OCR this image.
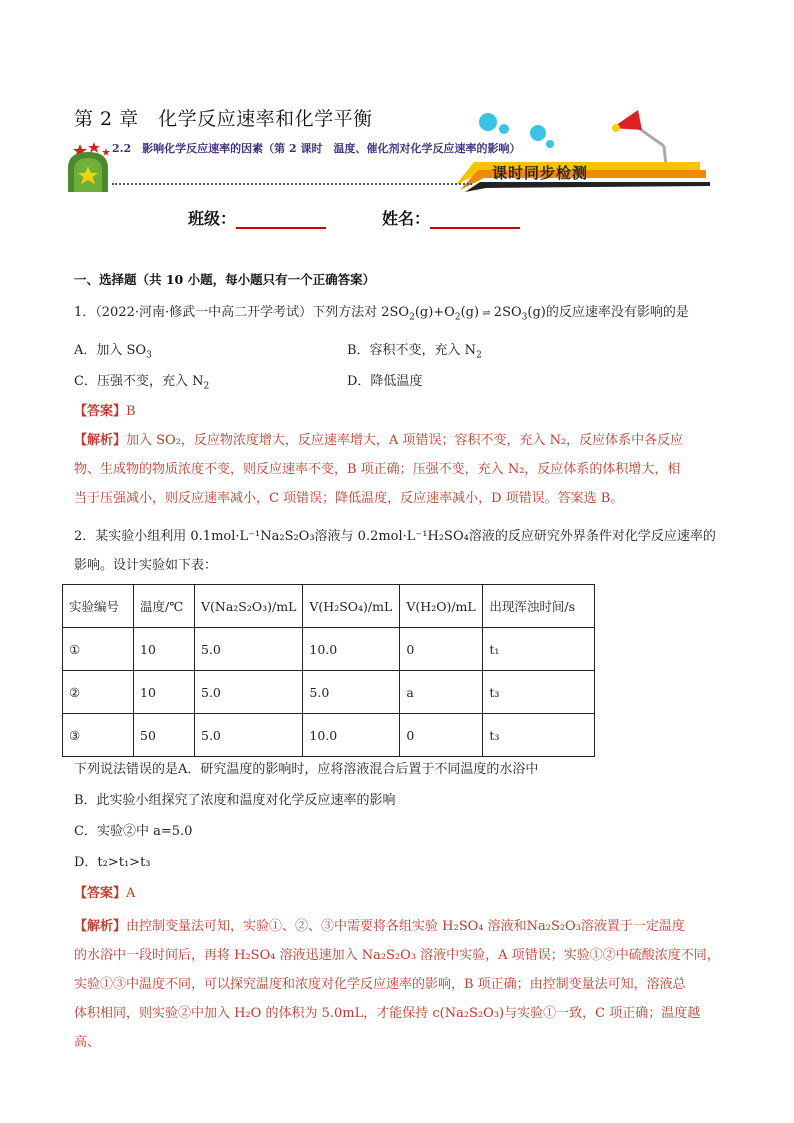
第 2 章　化学反应速率和化学平衡
2.2　影响化学反应速率的因素（第 2 课时　温度、催化剂对化学反应速率的影响）
课时同步检测
班级：	姓名：
一、选择题（共 10 小题，每小题只有一个正确答案）
1．（2022·河南·修武一中高二开学考试）下列方法对 $2SO_2(g)+O_2(g)$ ⇌ $2SO_3(g)$的反应速率没有影响的是
A．加入 $SO_3$	B．容积不变，充入 $N_2$
C．压强不变，充入 $N_2$	D．降低温度
【答案】B
【解析】加入 SO₂，反应物浓度增大，反应速率增大，A 项错误；容积不变，充入 N₂，反应体系中各反应
物、生成物的物质浓度不变，则反应速率不变，B 项正确；压强不变，充入 N₂，反应体系的体积增大，相
当于压强减小，则反应速率减小，C 项错误；降低温度，反应速率减小，D 项错误。答案选 B。
2．某实验小组利用 0.1mol·L⁻¹Na₂S₂O₃溶液与 0.2mol·L⁻¹H₂SO₄溶液的反应研究外界条件对化学反应速率的
影响。设计实验如下表：
实验编号	温度/℃	V(Na₂S₂O₃)/mL	V(H₂SO₄)/mL	V(H₂O)/mL	出现浑浊时间/s
①	10	5.0	10.0	0	t₁
②	10	5.0	5.0	a	t₃
③	50	5.0	10.0	0	t₃
下列说法错误的是A．研究温度的影响时，应将溶液混合后置于不同温度的水浴中
B．此实验小组探究了浓度和温度对化学反应速率的影响
C．实验②中 a=5.0
D．t₂>t₁>t₃
【答案】A
【解析】由控制变量法可知，实验①、②、③中需要将各组实验 H₂SO₄ 溶液和Na₂S₂O₃溶液置于一定温度
的水浴中一段时间后，再将 H₂SO₄ 溶液迅速加入 Na₂S₂O₃ 溶液中实验，A 项错误；实验①②中硫酸浓度不同，
实验①③中温度不同，可以探究温度和浓度对化学反应速率的影响，B 项正确；由控制变量法可知，溶液总
体积相同，则实验②中加入 H₂O 的体积为 5.0mL，才能保持 c(Na₂S₂O₃)与实验①一致，C 项正确；温度越高、
